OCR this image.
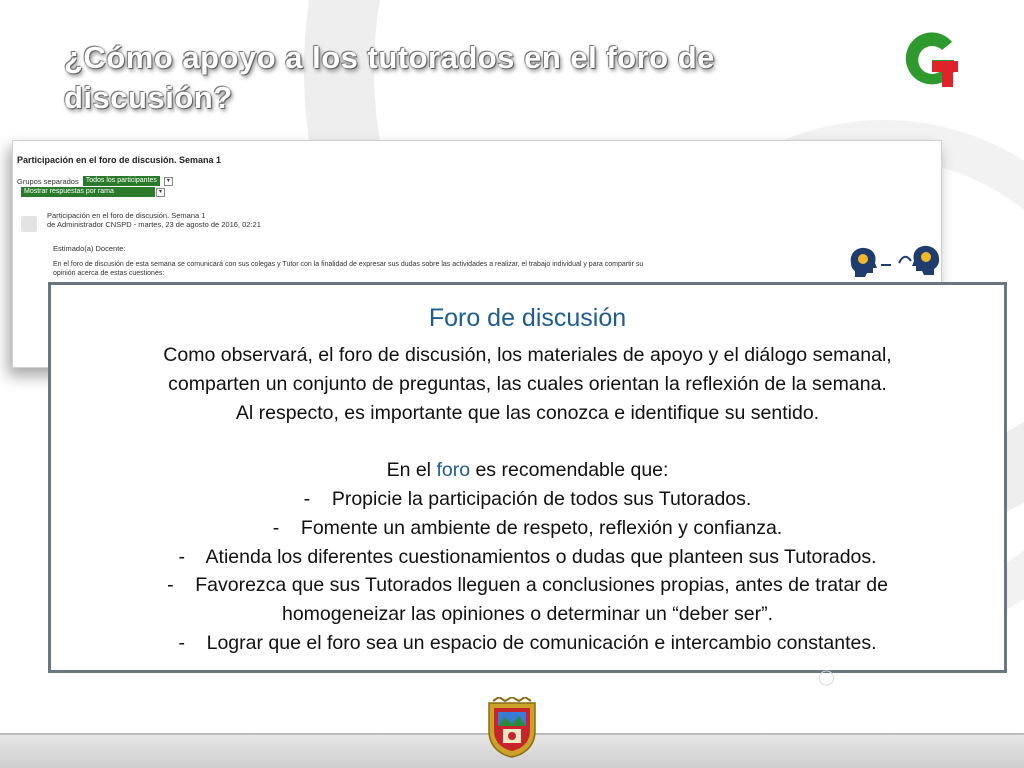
¿Cómo apoyo a los tutorados en el foro de
discusión?
Participación en el foro de discusión. Semana 1
Grupos separados	Todos los participantes	▾
Mostrar respuestas por rama	▾
Participación en el foro de discusión. Semana 1
de Administrador CNSPD - martes, 23 de agosto de 2016, 02:21
Estimado(a) Docente:
En el foro de discusión de esta semana se comunicará con sus colegas y Tutor con la finalidad de expresar sus dudas sobre las actividades a realizar, el trabajo individual y para compartir su
opinión acerca de estas cuestiones:
Foro de discusión
Como observará, el foro de discusión, los materiales de apoyo y el diálogo semanal,
comparten un conjunto de preguntas, las cuales orientan la reflexión de la semana.
Al respecto, es importante que las conozca e identifique su sentido.
En el foro es recomendable que:
-    Propicie la participación de todos sus Tutorados.
-    Fomente un ambiente de respeto, reflexión y confianza.
-    Atienda los diferentes cuestionamientos o dudas que planteen sus Tutorados.
-    Favorezca que sus Tutorados lleguen a conclusiones propias, antes de tratar de
homogeneizar las opiniones o determinar un “deber ser”.
-    Lograr que el foro sea un espacio de comunicación e intercambio constantes.
◯
